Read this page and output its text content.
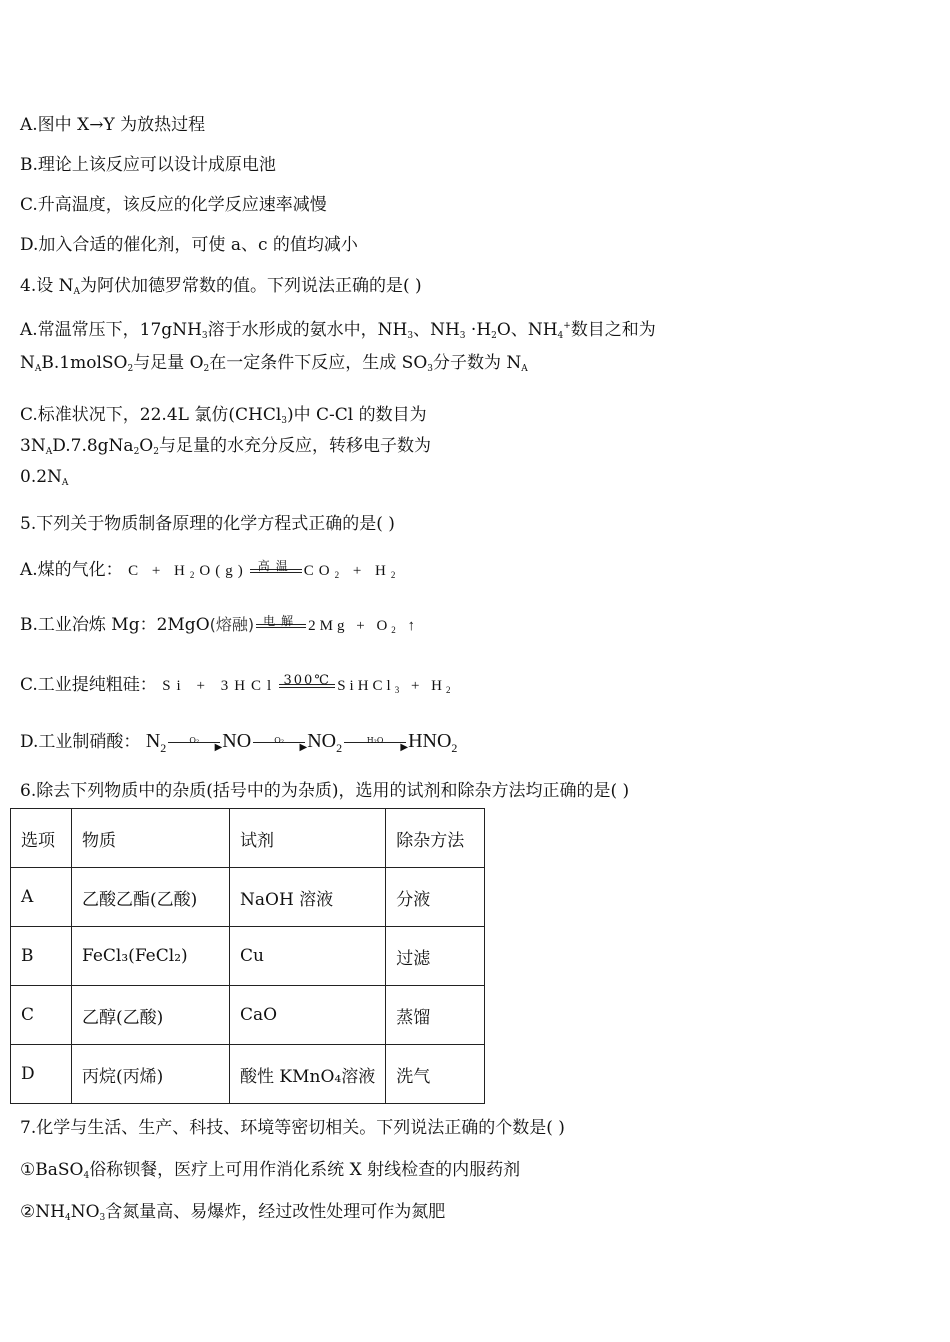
A.图中 X→Y 为放热过程
B.理论上该反应可以设计成原电池
C.升高温度，该反应的化学反应速率减慢
D.加入合适的催化剂，可使 a、c 的值均减小
4.设 $N_A$为阿伏加德罗常数的值。下列说法正确的是( )
A.常温常压下，17gNH$_3$溶于水形成的氨水中，$NH_3$、$NH_3 \cdot H_2O$、$NH_4^+$数目之和为
$N_AB.1molSO_2$与足量 $O_2$在一定条件下反应，生成 $SO_3$分子数为 $N_A$
C.标准状况下，22.4L 氯仿(CHCl$_3$)中 C-Cl 的数目为
$3N_AD.7.8gNa_2O_2$与足量的水充分反应，转移电子数为
$0.2N_A$
5.下列关于物质制备原理的化学方程式正确的是( )
A.煤的气化： $C + H_2O(g)$ 高温 $CO_2 + H_2$
B.工业冶炼 Mg：2MgO(熔融) 电解 $2Mg + O_2$ ↑
C.工业提纯粗硅： Si + 3HCl 300℃ SiHCl$_3$ + $H_2$
D.工业制硝酸： $N_2$
O₂
▶ NO	O₂
▶ $NO_2$
H₂O
▶ $HNO_2$
6.除去下列物质中的杂质(括号中的为杂质)，选用的试剂和除杂方法均正确的是( )
选项	物质	试剂	除杂方法
A	乙酸乙酯(乙酸)	NaOH 溶液	分液
B	FeCl₃(FeCl₂)	Cu	过滤
C	乙醇(乙酸)	CaO	蒸馏
D	丙烷(丙烯)	酸性 KMnO₄溶液	洗气
7.化学与生活、生产、科技、环境等密切相关。下列说法正确的个数是( )
①BaSO$_4$俗称钡餐，医疗上可用作消化系统 X 射线检查的内服药剂
$②NH_4NO_3$含氮量高、易爆炸，经过改性处理可作为氮肥
